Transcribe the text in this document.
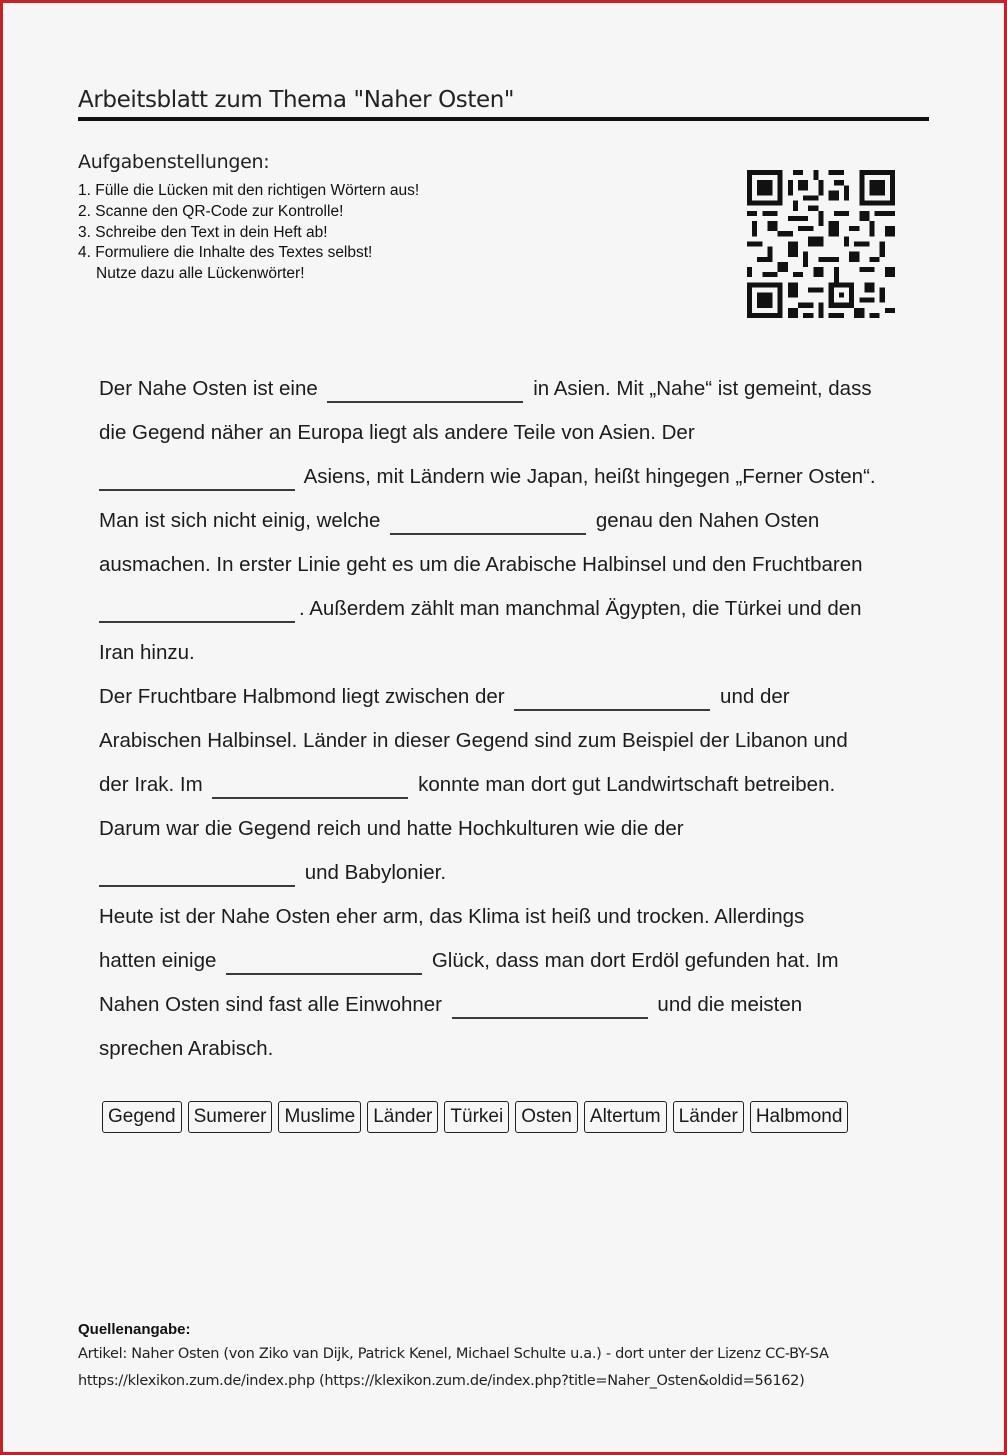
Arbeitsblatt zum Thema "Naher Osten"
Aufgabenstellungen:
1. Fülle die Lücken mit den richtigen Wörtern aus!
2. Scanne den QR-Code zur Kontrolle!
3. Schreibe den Text in dein Heft ab!
4. Formuliere die Inhalte des Textes selbst!
Nutze dazu alle Lückenwörter!
Der Nahe Osten ist eine	in Asien. Mit „Nahe“ ist gemeint, dass
die Gegend näher an Europa liegt als andere Teile von Asien. Der
Asiens, mit Ländern wie Japan, heißt hingegen „Ferner Osten“.
Man ist sich nicht einig, welche	genau den Nahen Osten
ausmachen. In erster Linie geht es um die Arabische Halbinsel und den Fruchtbaren
. Außerdem zählt man manchmal Ägypten, die Türkei und den
Iran hinzu.
Der Fruchtbare Halbmond liegt zwischen der	und der
Arabischen Halbinsel. Länder in dieser Gegend sind zum Beispiel der Libanon und
der Irak. Im	konnte man dort gut Landwirtschaft betreiben.
Darum war die Gegend reich und hatte Hochkulturen wie die der
und Babylonier.
Heute ist der Nahe Osten eher arm, das Klima ist heiß und trocken. Allerdings
hatten einige	Glück, dass man dort Erdöl gefunden hat. Im
Nahen Osten sind fast alle Einwohner	und die meisten
sprechen Arabisch.
Gegend Sumerer Muslime Länder Türkei Osten Altertum Länder Halbmond
Quellenangabe:
Artikel: Naher Osten (von Ziko van Dijk, Patrick Kenel, Michael Schulte u.a.) - dort unter der Lizenz CC-BY-SA
https://klexikon.zum.de/index.php (https://klexikon.zum.de/index.php?title=Naher_Osten&oldid=56162)
